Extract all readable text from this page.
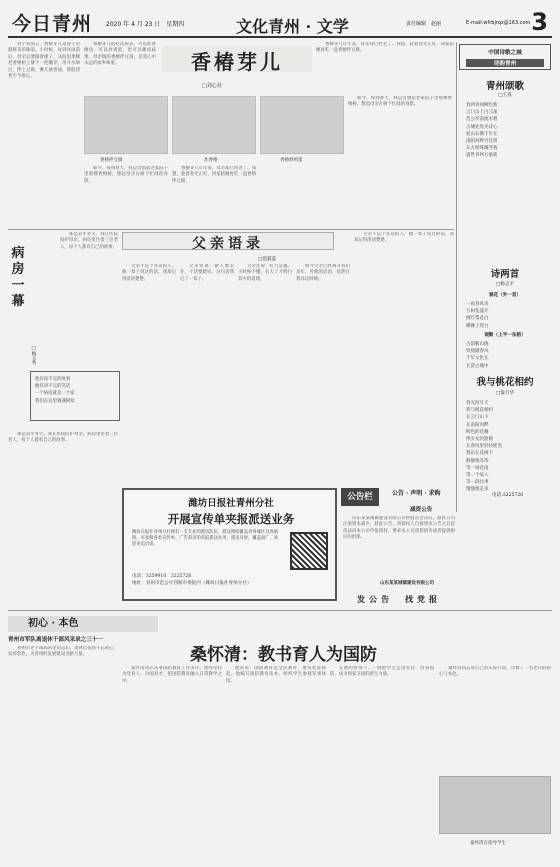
今日青州 2020 年 4 月 23 日　星期四	文化青州 · 文学	责任编辑　赵丽	E-mail:wfrbjrqz@163.com 3
香椿芽儿
□刘心亮

对于我而言，香椿芽儿是春天里最鲜美的味道。小时候，每到谷雨前后，母亲总要踩着梯子，从院里那棵老香椿树上掰下一把嫩芽，用开水焯过，拌上豆腐，淋几滴香油，那股清香至今难忘。

香椿芽儿的吃法很多，可以炸香椿鱼，可以炒鸡蛋，也可以腌成咸菜。母亲做的香椿拌豆腐，是我心中永远的家乡味道。

香椿拌豆腐	炸香椿	香椿炒鸡蛋

如今，每到春天，我总会想起老家院子里那棵香椿树，想起母亲在树下忙碌的身影。

香椿芽儿年年发，母亲却已经老了。我想，趁着春光正好，回家陪她再吃一盘香椿拌豆腐。

香椿芽儿年年发，母亲却已经老了。我想，趁着春光正好，回家陪她再吃一盘香椿拌豆腐。

如今，每到春天，我总会想起老家院子里那棵香椿树，想起母亲在树下忙碌的身影。

中国诗歌之城
诗韵青州
青州颂歌
□王真
春到青州柳色新
云门山上白云深
范公亭前流水碧
古城处处见诗心
驼山石佛千年在
南阳河畔百花荫
东方明珠耀齐鲁
盛世青州万象新
诗两首
□杨志平
春花（外一首）
一夜春风来
万树花盛开
桃红梨花白
蝶舞上瑶台
观鞍（上平一东韵）
古韵鞍山晓
铁骑踏春风
千年文化在
长留古城中
我与桃花相约
□秦月华
春光四月天
我与桃花相约
在云门山下
在南阳河畔
粉色的花瓣
像少女的脸颊
在春风里轻轻摇曳
我站在花树下
静静地等待
等一场花雨
等一个故人
等一段往事
慢慢地走来
病房一幕
□杨玉秀

那是去年冬天，我在医院陪护母亲。病房里住着三位老人，每个人都有自己的故事。

他有说不完的故事
他有讲不完的笑话
一个病房就是一个家
我们在这里相遇相知
父亲语录
□范淑蓝

父亲不是个多话的人，他一辈子说过的话，我却记得清清楚楚。

父亲常说：做人要实在，干活要踏实。这句话我记了一辈子。

父亲还说：吃亏是福。小时候不懂，长大了才明白其中的道理。

如今父亲已经离开我们多年，可他的话语，依然在我耳边回响。

父亲不是个多话的人，他一辈子说过的话，我却记得清清楚楚。

那是去年冬天，我在医院陪护母亲。病房里住着三位老人，每个人都有自己的故事。

潍坊日报社青州分社
开展宣传单夹报派送业务
潍坊日报社青州分社拥有一支专业的派送队伍，派送网络覆盖青州城区及各镇街。可承接各类宣传单、广告彩页的夹报派送业务，派送及时，覆盖面广，欢迎来电洽谈。
电话：3259910　3225726
地址：青州市范公亭西路市委院内（潍坊日报社青州分社）
公告栏	公告 · 声明 · 求购	电话:3225726
减资公告

山东某某城镇建设有限公司经股东会决议，拟将公司注册资本减少，特此公告。请债权人自接到本公告之日起依法向本公司申报债权，要求本公司清偿债务或者提供相应的担保。

山东某某城镇建设有限公司
发公告　找党报
初心 · 本色
青州市军队离退休干部风采录之三十一
桑怀清：教书育人为国防

青州市老干部局的老同志们，退休后依然不忘初心，发挥余热，为青州的发展建设贡献力量。

桑怀清同志从事国防教育工作多年，始终坚持为党育人、为国育才，把国防教育融入日常教学之中。

他常说：国防教育是全民教育，要从娃娃抓起。他编写国防教育读本，组织学生参观军事场馆。

在他的带领下，一批批学生走进军营，投身国防，成为保家卫国的新生力量。

桑怀清同志用自己的实际行动，诠释了一名老兵的初心与本色。

桑怀清在指导学生
